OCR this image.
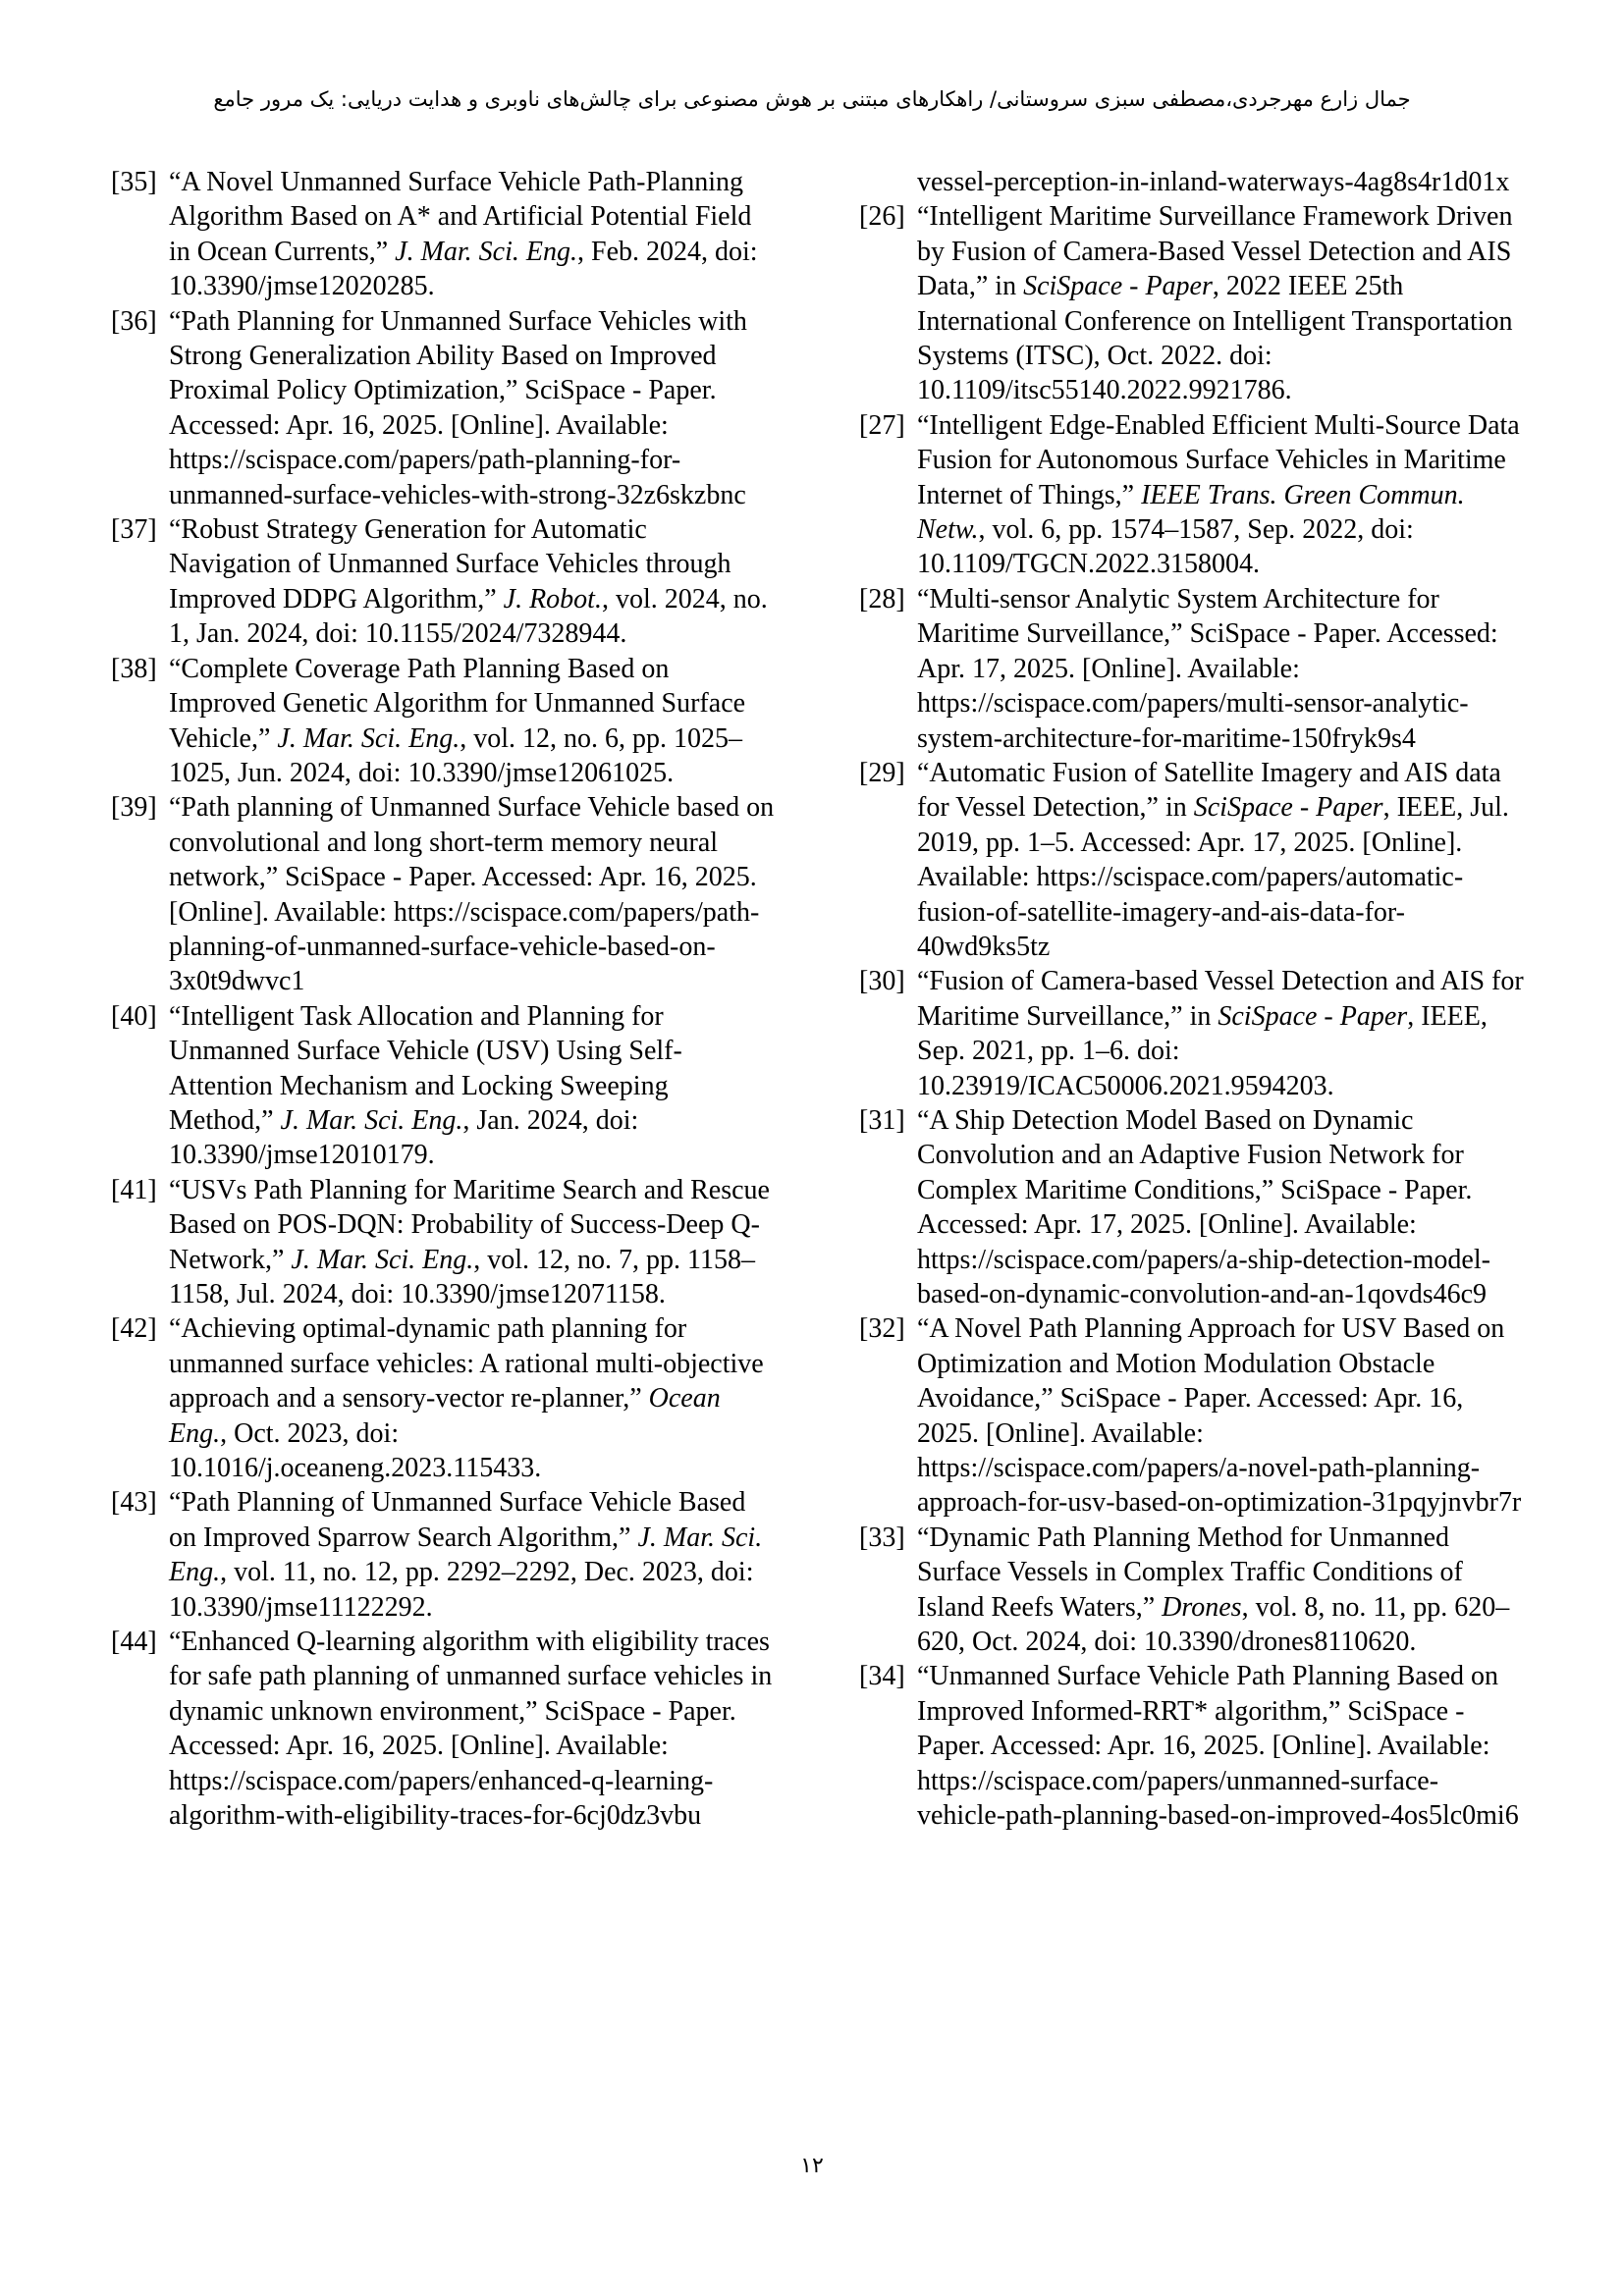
جمال زارع مهرجردی،مصطفی سبزی سروستانی/ راهکارهای مبتنی بر هوش مصنوعی برای چالش‌های ناوبری و هدایت دریایی: یک مرور جامع
[35] “A Novel Unmanned Surface Vehicle Path-Planning Algorithm Based on A* and Artificial Potential Field in Ocean Currents,” J. Mar. Sci. Eng., Feb. 2024, doi: 10.3390/jmse12020285.
[36] “Path Planning for Unmanned Surface Vehicles with Strong Generalization Ability Based on Improved Proximal Policy Optimization,” SciSpace - Paper. Accessed: Apr. 16, 2025. [Online]. Available: https://scispace.com/papers/path-planning-for-unmanned-surface-vehicles-with-strong-32z6skzbnc
[37] “Robust Strategy Generation for Automatic Navigation of Unmanned Surface Vehicles through Improved DDPG Algorithm,” J. Robot., vol. 2024, no. 1, Jan. 2024, doi: 10.1155/2024/7328944.
[38] “Complete Coverage Path Planning Based on Improved Genetic Algorithm for Unmanned Surface Vehicle,” J. Mar. Sci. Eng., vol. 12, no. 6, pp. 1025–1025, Jun. 2024, doi: 10.3390/jmse12061025.
[39] “Path planning of Unmanned Surface Vehicle based on convolutional and long short-term memory neural network,” SciSpace - Paper. Accessed: Apr. 16, 2025. [Online]. Available: https://scispace.com/papers/path-planning-of-unmanned-surface-vehicle-based-on-3x0t9dwvc1
[40] “Intelligent Task Allocation and Planning for Unmanned Surface Vehicle (USV) Using Self-Attention Mechanism and Locking Sweeping Method,” J. Mar. Sci. Eng., Jan. 2024, doi: 10.3390/jmse12010179.
[41] “USVs Path Planning for Maritime Search and Rescue Based on POS-DQN: Probability of Success-Deep Q-Network,” J. Mar. Sci. Eng., vol. 12, no. 7, pp. 1158–1158, Jul. 2024, doi: 10.3390/jmse12071158.
[42] “Achieving optimal-dynamic path planning for unmanned surface vehicles: A rational multi-objective approach and a sensory-vector re-planner,” Ocean Eng., Oct. 2023, doi: 10.1016/j.oceaneng.2023.115433.
[43] “Path Planning of Unmanned Surface Vehicle Based on Improved Sparrow Search Algorithm,” J. Mar. Sci. Eng., vol. 11, no. 12, pp. 2292–2292, Dec. 2023, doi: 10.3390/jmse11122292.
[44] “Enhanced Q-learning algorithm with eligibility traces for safe path planning of unmanned surface vehicles in dynamic unknown environment,” SciSpace - Paper. Accessed: Apr. 16, 2025. [Online]. Available: https://scispace.com/papers/enhanced-q-learning-algorithm-with-eligibility-traces-for-6cj0dz3vbu
vessel-perception-in-inland-waterways-4ag8s4r1d01x
[26] “Intelligent Maritime Surveillance Framework Driven by Fusion of Camera-Based Vessel Detection and AIS Data,” in SciSpace - Paper, 2022 IEEE 25th International Conference on Intelligent Transportation Systems (ITSC), Oct. 2022. doi: 10.1109/itsc55140.2022.9921786.
[27] “Intelligent Edge-Enabled Efficient Multi-Source Data Fusion for Autonomous Surface Vehicles in Maritime Internet of Things,” IEEE Trans. Green Commun. Netw., vol. 6, pp. 1574–1587, Sep. 2022, doi: 10.1109/TGCN.2022.3158004.
[28] “Multi-sensor Analytic System Architecture for Maritime Surveillance,” SciSpace - Paper. Accessed: Apr. 17, 2025. [Online]. Available: https://scispace.com/papers/multi-sensor-analytic-system-architecture-for-maritime-150fryk9s4
[29] “Automatic Fusion of Satellite Imagery and AIS data for Vessel Detection,” in SciSpace - Paper, IEEE, Jul. 2019, pp. 1–5. Accessed: Apr. 17, 2025. [Online]. Available: https://scispace.com/papers/automatic-fusion-of-satellite-imagery-and-ais-data-for-40wd9ks5tz
[30] “Fusion of Camera-based Vessel Detection and AIS for Maritime Surveillance,” in SciSpace - Paper, IEEE, Sep. 2021, pp. 1–6. doi: 10.23919/ICAC50006.2021.9594203.
[31] “A Ship Detection Model Based on Dynamic Convolution and an Adaptive Fusion Network for Complex Maritime Conditions,” SciSpace - Paper. Accessed: Apr. 17, 2025. [Online]. Available: https://scispace.com/papers/a-ship-detection-model-based-on-dynamic-convolution-and-an-1qovds46c9
[32] “A Novel Path Planning Approach for USV Based on Optimization and Motion Modulation Obstacle Avoidance,” SciSpace - Paper. Accessed: Apr. 16, 2025. [Online]. Available: https://scispace.com/papers/a-novel-path-planning-approach-for-usv-based-on-optimization-31pqyjnvbr7r
[33] “Dynamic Path Planning Method for Unmanned Surface Vessels in Complex Traffic Conditions of Island Reefs Waters,” Drones, vol. 8, no. 11, pp. 620–620, Oct. 2024, doi: 10.3390/drones8110620.
[34] “Unmanned Surface Vehicle Path Planning Based on Improved Informed-RRT* algorithm,” SciSpace - Paper. Accessed: Apr. 16, 2025. [Online]. Available: https://scispace.com/papers/unmanned-surface-vehicle-path-planning-based-on-improved-4os5lc0mi6
۱۲
